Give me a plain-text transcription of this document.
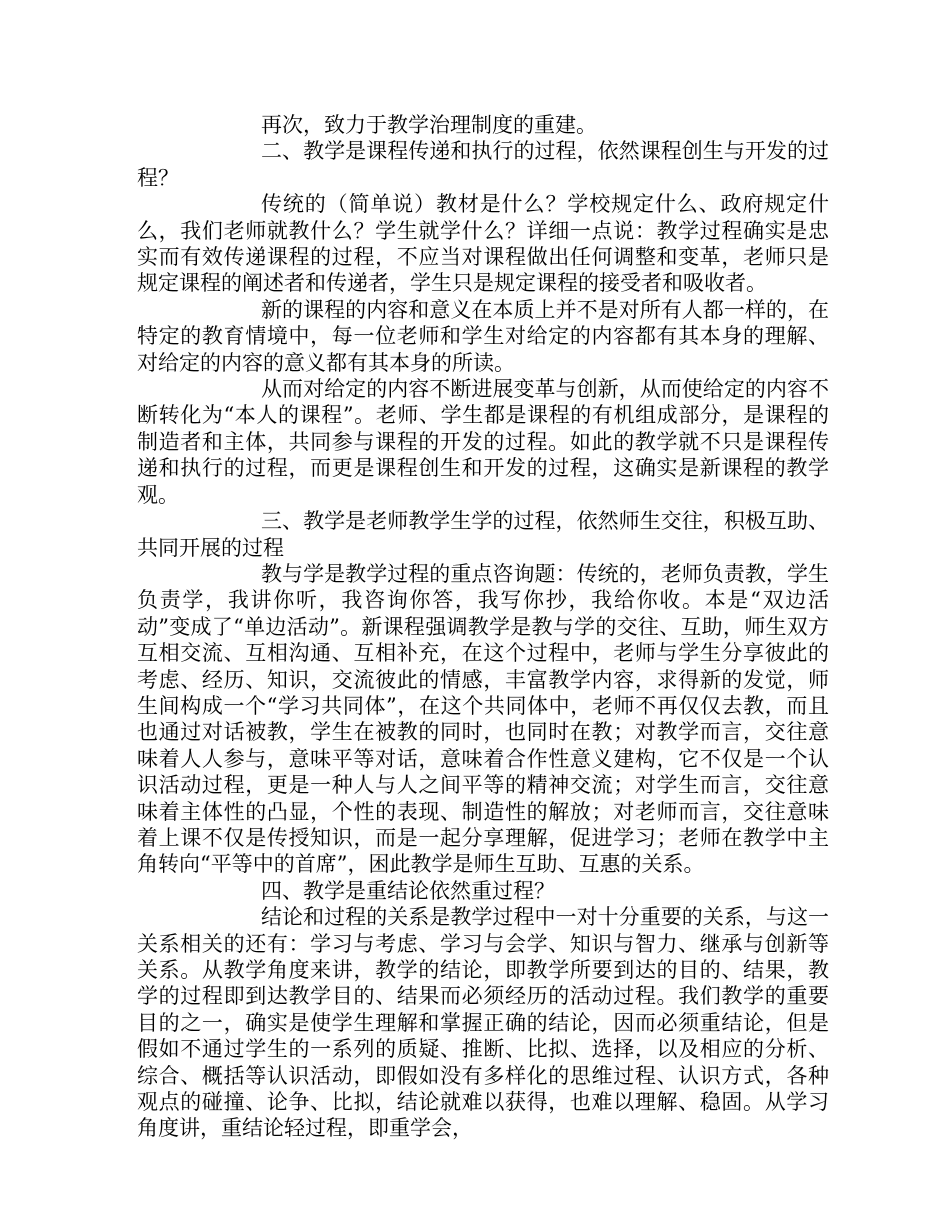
再次，致力于教学治理制度的重建。

二、教学是课程传递和执行的过程，依然课程创生与开发的过程？

传统的（简单说）教材是什么？学校规定什么、政府规定什么，我们老师就教什么？学生就学什么？详细一点说：教学过程确实是忠实而有效传递课程的过程，不应当对课程做出任何调整和变革，老师只是规定课程的阐述者和传递者，学生只是规定课程的接受者和吸收者。

新的课程的内容和意义在本质上并不是对所有人都一样的，在特定的教育情境中，每一位老师和学生对给定的内容都有其本身的理解、对给定的内容的意义都有其本身的所读。

从而对给定的内容不断进展变革与创新，从而使给定的内容不断转化为“本人的课程”。老师、学生都是课程的有机组成部分，是课程的制造者和主体，共同参与课程的开发的过程。如此的教学就不只是课程传递和执行的过程，而更是课程创生和开发的过程，这确实是新课程的教学观。

三、教学是老师教学生学的过程，依然师生交往，积极互助、共同开展的过程

教与学是教学过程的重点咨询题：传统的，老师负责教，学生负责学，我讲你听，我咨询你答，我写你抄，我给你收。本是“双边活动”变成了“单边活动”。新课程强调教学是教与学的交往、互助，师生双方互相交流、互相沟通、互相补充，在这个过程中，老师与学生分享彼此的考虑、经历、知识，交流彼此的情感，丰富教学内容，求得新的发觉，师生间构成一个“学习共同体”，在这个共同体中，老师不再仅仅去教，而且也通过对话被教，学生在被教的同时，也同时在教；对教学而言，交往意味着人人参与，意味平等对话，意味着合作性意义建构，它不仅是一个认识活动过程，更是一种人与人之间平等的精神交流；对学生而言，交往意味着主体性的凸显，个性的表现、制造性的解放；对老师而言，交往意味着上课不仅是传授知识，而是一起分享理解，促进学习；老师在教学中主角转向“平等中的首席”，困此教学是师生互助、互惠的关系。

四、教学是重结论依然重过程？

结论和过程的关系是教学过程中一对十分重要的关系，与这一关系相关的还有：学习与考虑、学习与会学、知识与智力、继承与创新等关系。从教学角度来讲，教学的结论，即教学所要到达的目的、结果，教学的过程即到达教学目的、结果而必须经历的活动过程。我们教学的重要目的之一，确实是使学生理解和掌握正确的结论，因而必须重结论，但是假如不通过学生的一系列的质疑、推断、比拟、选择，以及相应的分析、综合、概括等认识活动，即假如没有多样化的思维过程、认识方式，各种观点的碰撞、论争、比拟，结论就难以获得，也难以理解、稳固。从学习角度讲，重结论轻过程，即重学会，
